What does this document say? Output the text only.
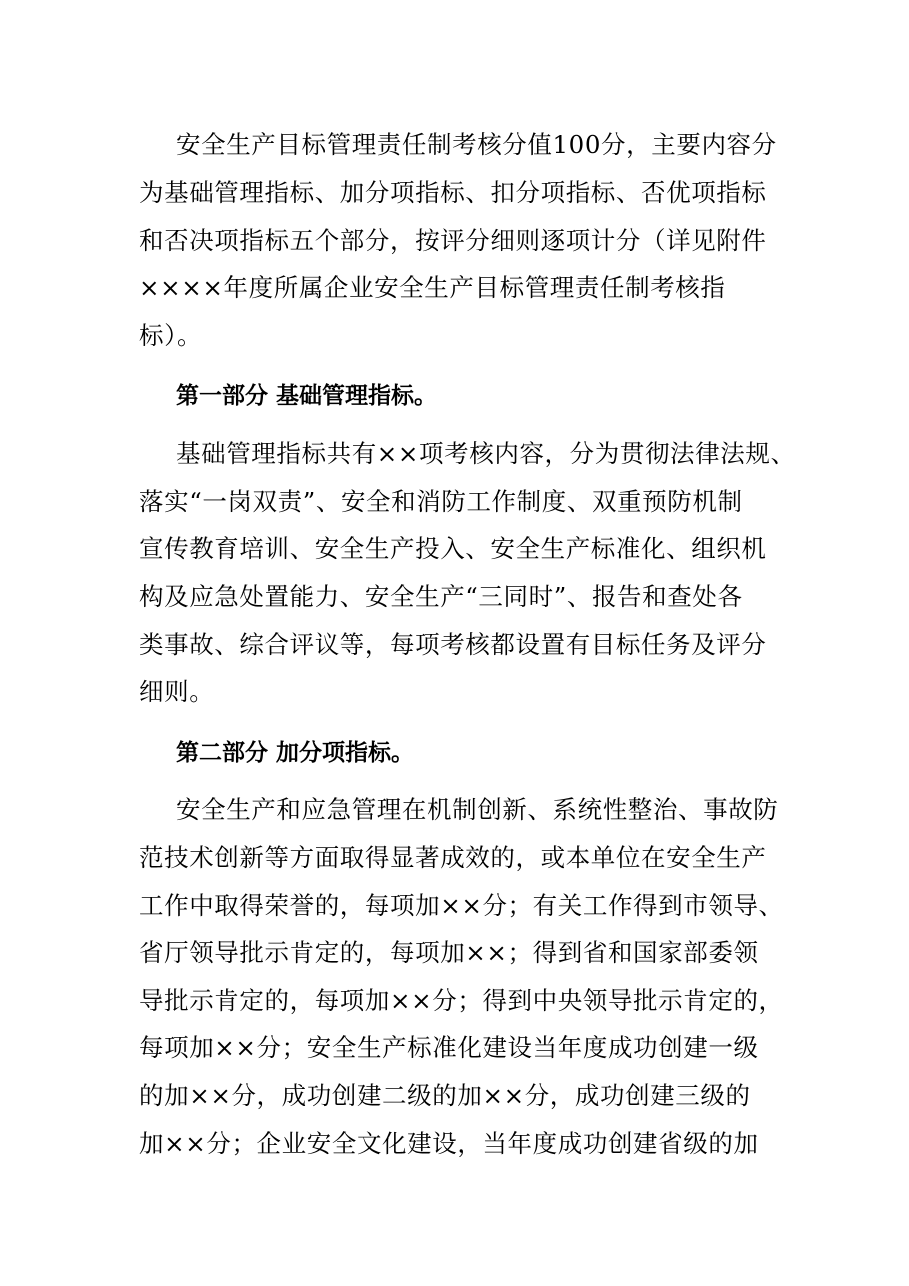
安全生产目标管理责任制考核分值100分，主要内容分
为基础管理指标、加分项指标、扣分项指标、否优项指标
和否决项指标五个部分，按评分细则逐项计分（详见附件
××××年度所属企业安全生产目标管理责任制考核指
标）。
第一部分 基础管理指标。
基础管理指标共有××项考核内容，分为贯彻法律法规、
落实“一岗双责”、安全和消防工作制度、双重预防机制
宣传教育培训、安全生产投入、安全生产标准化、组织机
构及应急处置能力、安全生产“三同时”、报告和查处各
类事故、综合评议等，每项考核都设置有目标任务及评分
细则。
第二部分 加分项指标。
安全生产和应急管理在机制创新、系统性整治、事故防
范技术创新等方面取得显著成效的，或本单位在安全生产
工作中取得荣誉的，每项加××分；有关工作得到市领导、
省厅领导批示肯定的，每项加××；得到省和国家部委领
导批示肯定的，每项加××分；得到中央领导批示肯定的，
每项加××分；安全生产标准化建设当年度成功创建一级
的加××分，成功创建二级的加××分，成功创建三级的
加××分；企业安全文化建设，当年度成功创建省级的加
